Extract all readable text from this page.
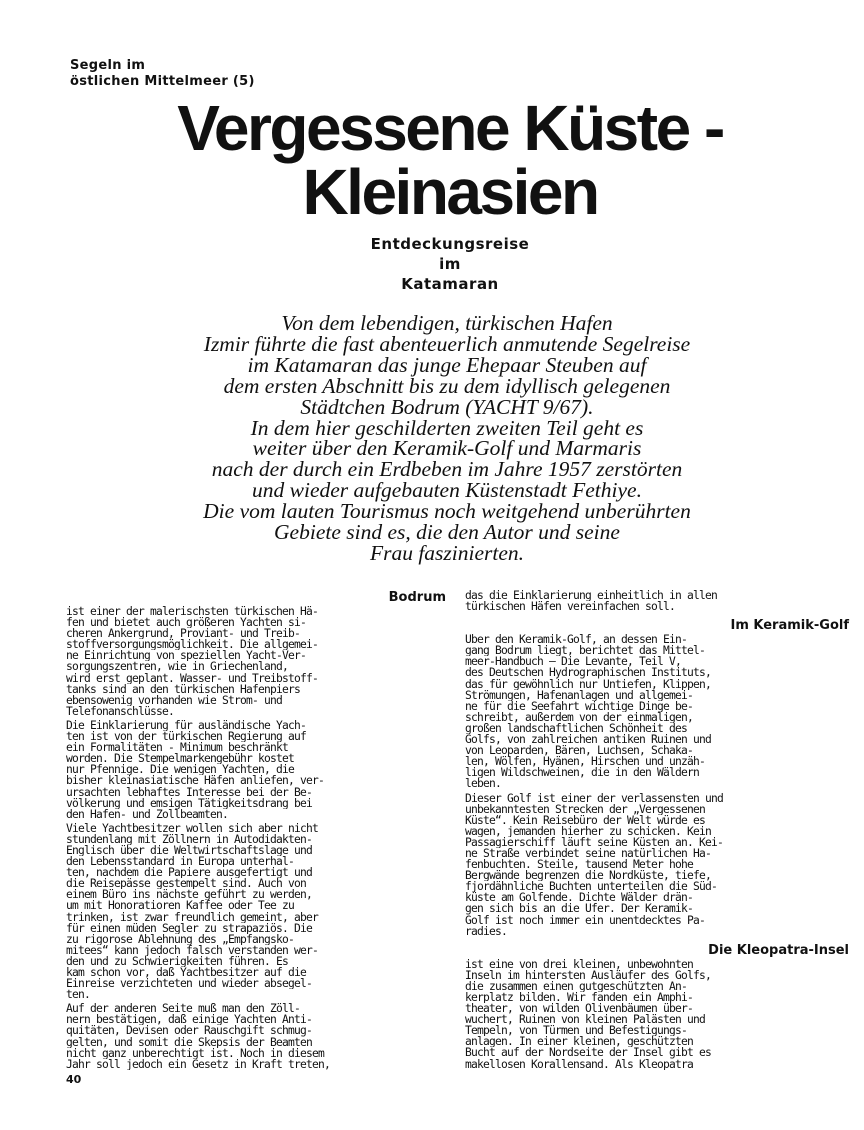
Segeln im
östlichen Mittelmeer (5)
Vergessene Küste -
Kleinasien
Entdeckungsreise
im
Katamaran
Von dem lebendigen, türkischen Hafen
Izmir führte die fast abenteuerlich anmutende Segelreise
im Katamaran das junge Ehepaar Steuben auf
dem ersten Abschnitt bis zu dem idyllisch gelegenen
Städtchen Bodrum (YACHT 9/67).
In dem hier geschilderten zweiten Teil geht es
weiter über den Keramik-Golf und Marmaris
nach der durch ein Erdbeben im Jahre 1957 zerstörten
und wieder aufgebauten Küstenstadt Fethiye.
Die vom lauten Tourismus noch weitgehend unberührten
Gebiete sind es, die den Autor und seine
Frau faszinierten.
Bodrum
ist einer der malerischsten türkischen Hä-
fen und bietet auch größeren Yachten si-
cheren Ankergrund, Proviant- und Treib-
stoffversorgungsmöglichkeit. Die allgemei-
ne Einrichtung von speziellen Yacht-Ver-
sorgungszentren, wie in Griechenland,
wird erst geplant. Wasser- und Treibstoff-
tanks sind an den türkischen Hafenpiers
ebensowenig vorhanden wie Strom- und
Telefonanschlüsse.
Die Einklarierung für ausländische Yach-
ten ist von der türkischen Regierung auf
ein Formalitäten - Minimum beschränkt
worden. Die Stempelmarkengebühr kostet
nur Pfennige. Die wenigen Yachten, die
bisher kleinasiatische Häfen anliefen, ver-
ursachten lebhaftes Interesse bei der Be-
völkerung und emsigen Tätigkeitsdrang bei
den Hafen- und Zollbeamten.
Viele Yachtbesitzer wollen sich aber nicht
stundenlang mit Zöllnern in Autodidakten-
Englisch über die Weltwirtschaftslage und
den Lebensstandard in Europa unterhal-
ten, nachdem die Papiere ausgefertigt und
die Reisepässe gestempelt sind. Auch von
einem Büro ins nächste geführt zu werden,
um mit Honoratioren Kaffee oder Tee zu
trinken, ist zwar freundlich gemeint, aber
für einen müden Segler zu strapaziös. Die
zu rigorose Ablehnung des „Empfangsko-
mitees“ kann jedoch falsch verstanden wer-
den und zu Schwierigkeiten führen. Es
kam schon vor, daß Yachtbesitzer auf die
Einreise verzichteten und wieder absegel-
ten.
Auf der anderen Seite muß man den Zöll-
nern bestätigen, daß einige Yachten Anti-
quitäten, Devisen oder Rauschgift schmug-
gelten, und somit die Skepsis der Beamten
nicht ganz unberechtigt ist. Noch in diesem
Jahr soll jedoch ein Gesetz in Kraft treten,
das die Einklarierung einheitlich in allen
türkischen Häfen vereinfachen soll.
Im Keramik-Golf
Über den Keramik-Golf, an dessen Ein-
gang Bodrum liegt, berichtet das Mittel-
meer-Handbuch — Die Levante, Teil V,
des Deutschen Hydrographischen Instituts,
das für gewöhnlich nur Untiefen, Klippen,
Strömungen, Hafenanlagen und allgemei-
ne für die Seefahrt wichtige Dinge be-
schreibt, außerdem von der einmaligen,
großen landschaftlichen Schönheit des
Golfs, von zahlreichen antiken Ruinen und
von Leoparden, Bären, Luchsen, Schaka-
len, Wölfen, Hyänen, Hirschen und unzäh-
ligen Wildschweinen, die in den Wäldern
leben.
Dieser Golf ist einer der verlassensten und
unbekanntesten Strecken der „Vergessenen
Küste“. Kein Reisebüro der Welt würde es
wagen, jemanden hierher zu schicken. Kein
Passagierschiff läuft seine Küsten an. Kei-
ne Straße verbindet seine natürlichen Ha-
fenbuchten. Steile, tausend Meter hohe
Bergwände begrenzen die Nordküste, tiefe,
fjordähnliche Buchten unterteilen die Süd-
küste am Golfende. Dichte Wälder drän-
gen sich bis an die Ufer. Der Keramik-
Golf ist noch immer ein unentdecktes Pa-
radies.
Die Kleopatra-Insel
ist eine von drei kleinen, unbewohnten
Inseln im hintersten Ausläufer des Golfs,
die zusammen einen gutgeschützten An-
kerplatz bilden. Wir fanden ein Amphi-
theater, von wilden Olivenbäumen über-
wuchert, Ruinen von kleinen Palästen und
Tempeln, von Türmen und Befestigungs-
anlagen. In einer kleinen, geschützten
Bucht auf der Nordseite der Insel gibt es
makellosen Korallensand. Als Kleopatra
40
